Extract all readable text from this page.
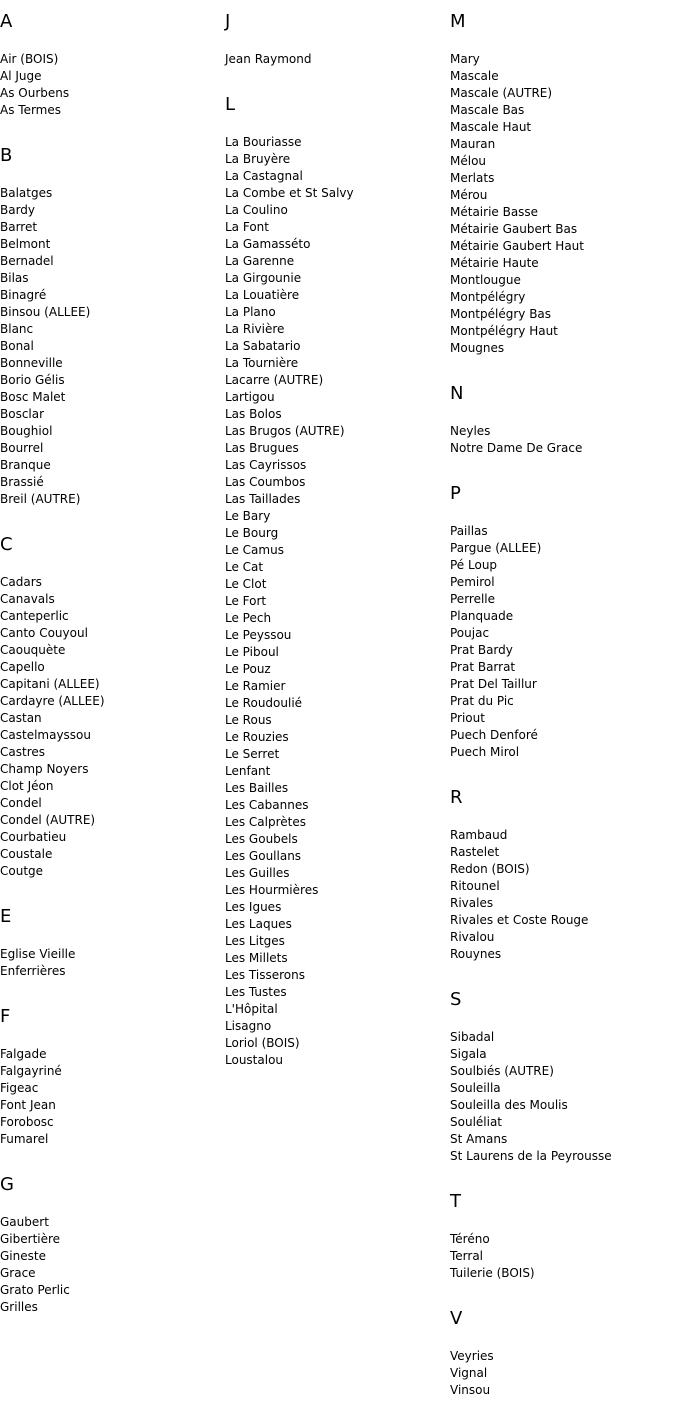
A
Air (BOIS)
Al Juge
As Ourbens
As Termes
B
Balatges
Bardy
Barret
Belmont
Bernadel
Bilas
Binagré
Binsou (ALLEE)
Blanc
Bonal
Bonneville
Borio Gélis
Bosc Malet
Bosclar
Boughiol
Bourrel
Branque
Brassié
Breil (AUTRE)
C
Cadars
Canavals
Canteperlic
Canto Couyoul
Caouquète
Capello
Capitani (ALLEE)
Cardayre (ALLEE)
Castan
Castelmayssou
Castres
Champ Noyers
Clot Jéon
Condel
Condel (AUTRE)
Courbatieu
Coustale
Coutge
E
Eglise Vieille
Enferrières
F
Falgade
Falgayriné
Figeac
Font Jean
Forobosc
Fumarel
G
Gaubert
Gibertière
Gineste
Grace
Grato Perlic
Grilles
J
Jean Raymond
L
La Bouriasse
La Bruyère
La Castagnal
La Combe et St Salvy
La Coulino
La Font
La Gamasséto
La Garenne
La Girgounie
La Louatière
La Plano
La Rivière
La Sabatario
La Tournière
Lacarre (AUTRE)
Lartigou
Las Bolos
Las Brugos (AUTRE)
Las Brugues
Las Cayrissos
Las Coumbos
Las Taillades
Le Bary
Le Bourg
Le Camus
Le Cat
Le Clot
Le Fort
Le Pech
Le Peyssou
Le Piboul
Le Pouz
Le Ramier
Le Roudoulié
Le Rous
Le Rouzies
Le Serret
Lenfant
Les Bailles
Les Cabannes
Les Calprètes
Les Goubels
Les Goullans
Les Guilles
Les Hourmières
Les Igues
Les Laques
Les Litges
Les Millets
Les Tisserons
Les Tustes
L'Hôpital
Lisagno
Loriol (BOIS)
Loustalou
M
Mary
Mascale
Mascale (AUTRE)
Mascale Bas
Mascale Haut
Mauran
Mélou
Merlats
Mérou
Métairie Basse
Métairie Gaubert Bas
Métairie Gaubert Haut
Métairie Haute
Montlougue
Montpélégry
Montpélégry Bas
Montpélégry Haut
Mougnes
N
Neyles
Notre Dame De Grace
P
Paillas
Pargue (ALLEE)
Pé Loup
Pemirol
Perrelle
Planquade
Poujac
Prat Bardy
Prat Barrat
Prat Del Taillur
Prat du Pic
Priout
Puech Denforé
Puech Mirol
R
Rambaud
Rastelet
Redon (BOIS)
Ritounel
Rivales
Rivales et Coste Rouge
Rivalou
Rouynes
S
Sibadal
Sigala
Soulbiés (AUTRE)
Souleilla
Souleilla des Moulis
Souléliat
St Amans
St Laurens de la Peyrousse
T
Téréno
Terral
Tuilerie (BOIS)
V
Veyries
Vignal
Vinsou
